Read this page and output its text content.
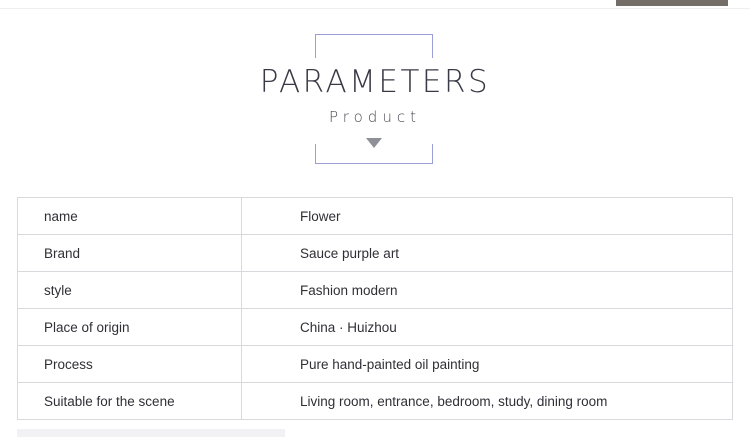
PARAMETERS
Product
name	Flower
Brand	Sauce purple art
style	Fashion modern
Place of origin	China · Huizhou
Process	Pure hand-painted oil painting
Suitable for the scene	Living room, entrance, bedroom, study, dining room
